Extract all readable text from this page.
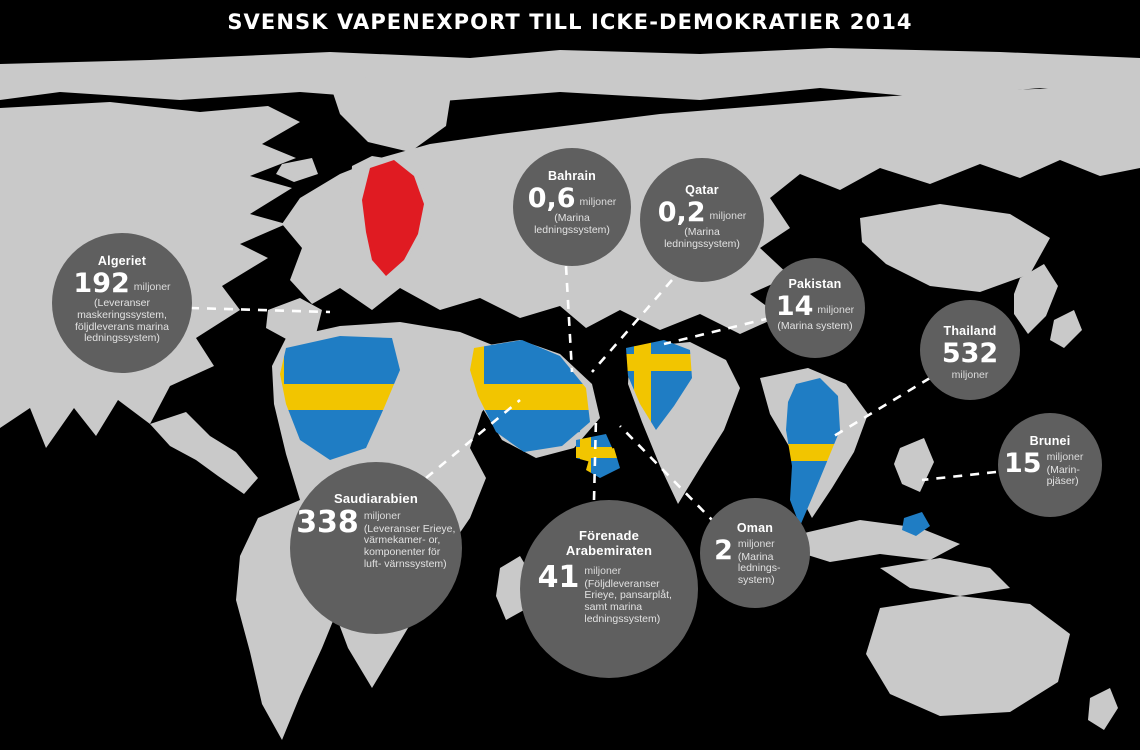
SVENSK VAPENEXPORT TILL ICKE-DEMOKRATIER 2014
Algeriet
192 miljoner
(Leveranser maskeringssystem, följdleverans marina ledningssystem)
Bahrain
0,6 miljoner
(Marina ledningssystem)
Qatar
0,2 miljoner
(Marina ledningssystem)
Pakistan
14 miljoner
(Marina system)	Thailand
532
miljoner
Brunei
15 miljoner
(Marin- pjäser)
Saudiarabien
338 miljoner
(Leveranser Erieye, värmekamer- or, komponenter för luft- värnssystem)
Förenade Arabemiraten
41 miljoner
(Följdleveranser Erieye, pansarplåt, samt marina ledningssystem)
Oman
2 miljoner
(Marina lednings- system)
